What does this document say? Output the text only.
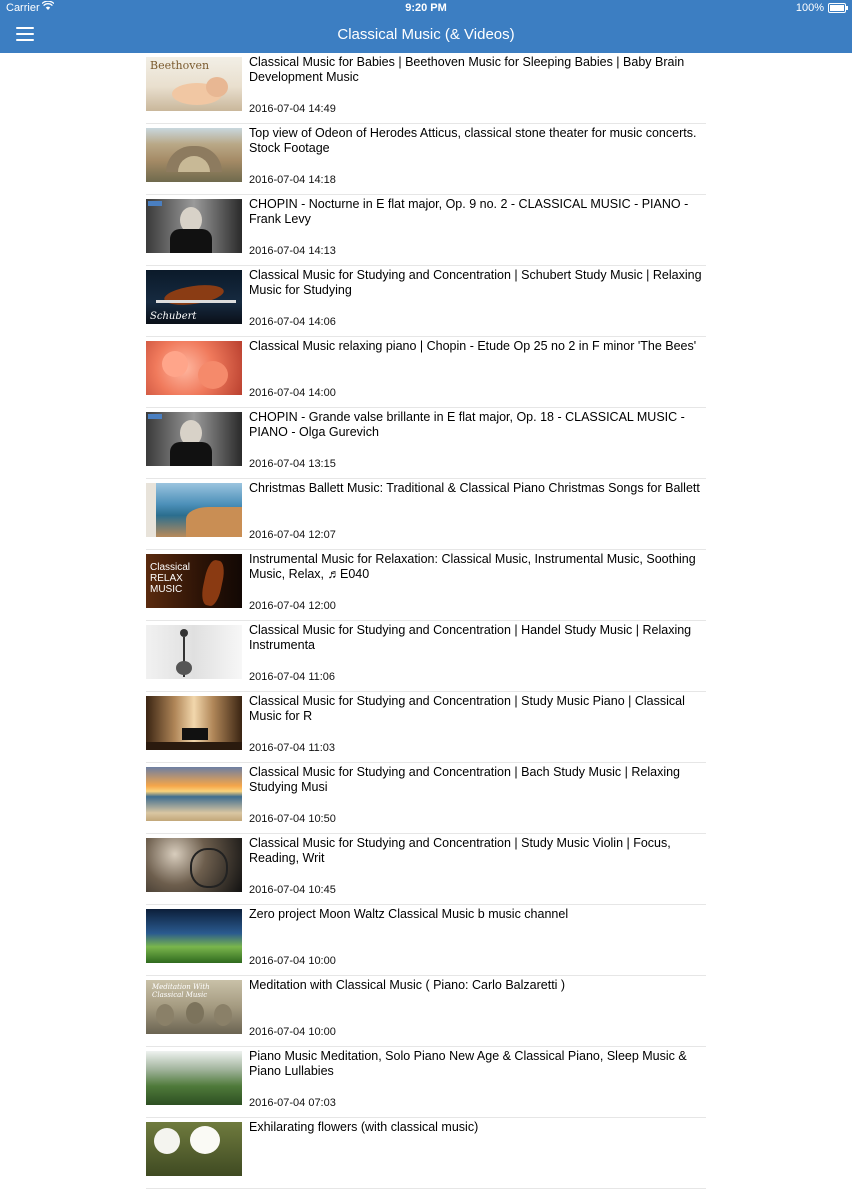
Carrier	9:20 PM	100%
Classical Music (& Videos)
Beethoven	Classical Music for Babies | Beethoven Music for Sleeping Babies | Baby Brain Development Music
2016-07-04 14:49
Top view of Odeon of Herodes Atticus, classical stone theater for music concerts. Stock Footage
2016-07-04 14:18
CHOPIN - Nocturne in E flat major, Op. 9 no. 2 - CLASSICAL MUSIC - PIANO - Frank Levy
2016-07-04 14:13
Schubert
Classical Music for Studying and Concentration | Schubert Study Music | Relaxing Music for Studying
2016-07-04 14:06
Classical Music relaxing piano | Chopin - Etude Op 25 no 2 in F minor 'The Bees'
2016-07-04 14:00
CHOPIN - Grande valse brillante in E flat major, Op. 18 - CLASSICAL MUSIC - PIANO - Olga Gurevich
2016-07-04 13:15
Christmas Ballett Music: Traditional & Classical Piano Christmas Songs for Ballett
2016-07-04 12:07
Classical RELAX MUSIC
Instrumental Music for Relaxation: Classical Music, Instrumental Music, Soothing Music, Relax, ♬E040
2016-07-04 12:00
Classical Music for Studying and Concentration | Handel Study Music | Relaxing Instrumenta
2016-07-04 11:06
Classical Music for Studying and Concentration | Study Music Piano | Classical Music for R
2016-07-04 11:03
Classical Music for Studying and Concentration | Bach Study Music | Relaxing Studying Musi
2016-07-04 10:50
Classical Music for Studying and Concentration | Study Music Violin | Focus, Reading, Writ
2016-07-04 10:45
Zero project Moon Waltz Classical Music b music channel
2016-07-04 10:00
Meditation With Classical Music
Meditation with Classical Music ( Piano: Carlo Balzaretti )
2016-07-04 10:00
Piano Music Meditation, Solo Piano New Age & Classical Piano, Sleep Music & Piano Lullabies
2016-07-04 07:03
Exhilarating flowers (with classical music)
